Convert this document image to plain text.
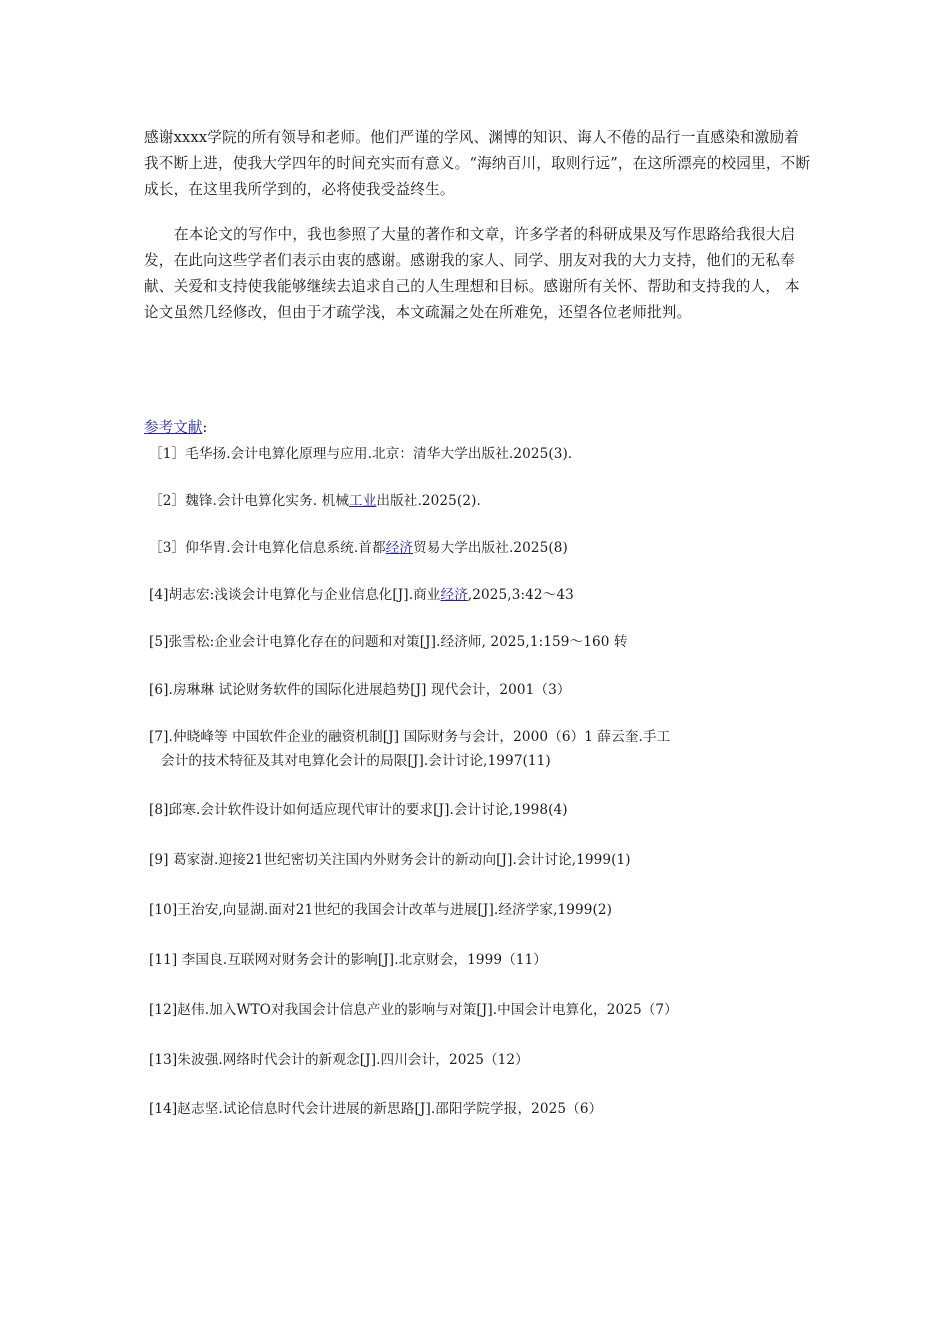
感谢xxxx学院的所有领导和老师。他们严谨的学风、渊博的知识、诲人不倦的品行一直感染和激励着我不断上进，使我大学四年的时间充实而有意义。“海纳百川，取则行远”，在这所漂亮的校园里，不断成长，在这里我所学到的，必将使我受益终生。

在本论文的写作中，我也参照了大量的著作和文章，许多学者的科研成果及写作思路给我很大启发，在此向这些学者们表示由衷的感谢。感谢我的家人、同学、朋友对我的大力支持，他们的无私奉献、关爱和支持使我能够继续去追求自己的人生理想和目标。感谢所有关怀、帮助和支持我的人， 本论文虽然几经修改，但由于才疏学浅，本文疏漏之处在所难免，还望各位老师批判。

参考文献:

［1］毛华扬.会计电算化原理与应用.北京：清华大学出版社.2025(3).

［2］魏锋.会计电算化实务. 机械工业出版社.2025(2).

［3］仰华胄.会计电算化信息系统.首都经济贸易大学出版社.2025(8)

[4]胡志宏:浅谈会计电算化与企业信息化[J].商业经济,2025,3:42～43

[5]张雪松:企业会计电算化存在的问题和对策[J].经济师, 2025,1:159～160 转

[6].房琳琳 试论财务软件的国际化进展趋势[J] 现代会计，2001（3）

[7].仲晓峰等 中国软件企业的融资机制[J] 国际财务与会计，2000（6）1 薛云奎.手工
会计的技术特征及其对电算化会计的局限[J].会计讨论,1997(11)

[8]邱寒.会计软件设计如何适应现代审计的要求[J].会计讨论,1998(4)

[9] 葛家澍.迎接21世纪密切关注国内外财务会计的新动向[J].会计讨论,1999(1)

[10]王治安,向显湖.面对21世纪的我国会计改革与进展[J].经济学家,1999(2)

[11] 李国良.互联网对财务会计的影响[J].北京财会，1999（11）

[12]赵伟.加入WTO对我国会计信息产业的影响与对策[J].中国会计电算化，2025（7）

[13]朱波强.网络时代会计的新观念[J].四川会计，2025（12）

[14]赵志坚.试论信息时代会计进展的新思路[J].邵阳学院学报，2025（6）
